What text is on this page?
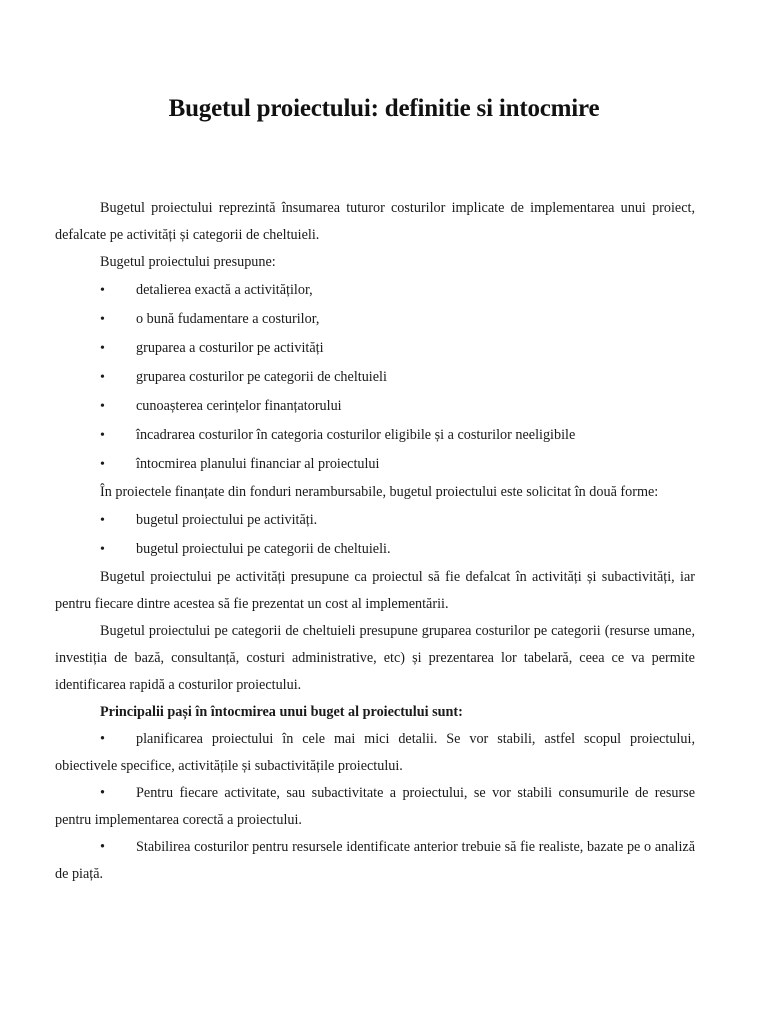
Bugetul proiectului: definitie si intocmire

Bugetul proiectului reprezintă însumarea tuturor costurilor implicate de implementarea unui proiect, defalcate pe activități și categorii de cheltuieli.

Bugetul proiectului presupune:

• detalierea exactă a activităților,

• o bună fudamentare a costurilor,

• gruparea a costurilor pe activități

• gruparea costurilor pe categorii de cheltuieli

• cunoașterea cerințelor finanțatorului

• încadrarea costurilor în categoria costurilor eligibile și a costurilor neeligibile

• întocmirea planului financiar al proiectului

În proiectele finanțate din fonduri nerambursabile, bugetul proiectului este solicitat în două forme:

• bugetul proiectului pe activități.

• bugetul proiectului pe categorii de cheltuieli.

Bugetul proiectului pe activități presupune ca proiectul să fie defalcat în activități și subactivități, iar pentru fiecare dintre acestea să fie prezentat un cost al implementării.

Bugetul proiectului pe categorii de cheltuieli presupune gruparea costurilor pe categorii (resurse umane, investiția de bază, consultanță, costuri administrative, etc) și prezentarea lor tabelară, ceea ce va permite identificarea rapidă a costurilor proiectului.

Principalii pași în întocmirea unui buget al proiectului sunt:

• planificarea proiectului în cele mai mici detalii. Se vor stabili, astfel scopul proiectului, obiectivele specifice, activitățile și subactivitățile proiectului.

• Pentru fiecare activitate, sau subactivitate a proiectului, se vor stabili consumurile de resurse pentru implementarea corectă a proiectului.

• Stabilirea costurilor pentru resursele identificate anterior trebuie să fie realiste, bazate pe o analiză de piață.
